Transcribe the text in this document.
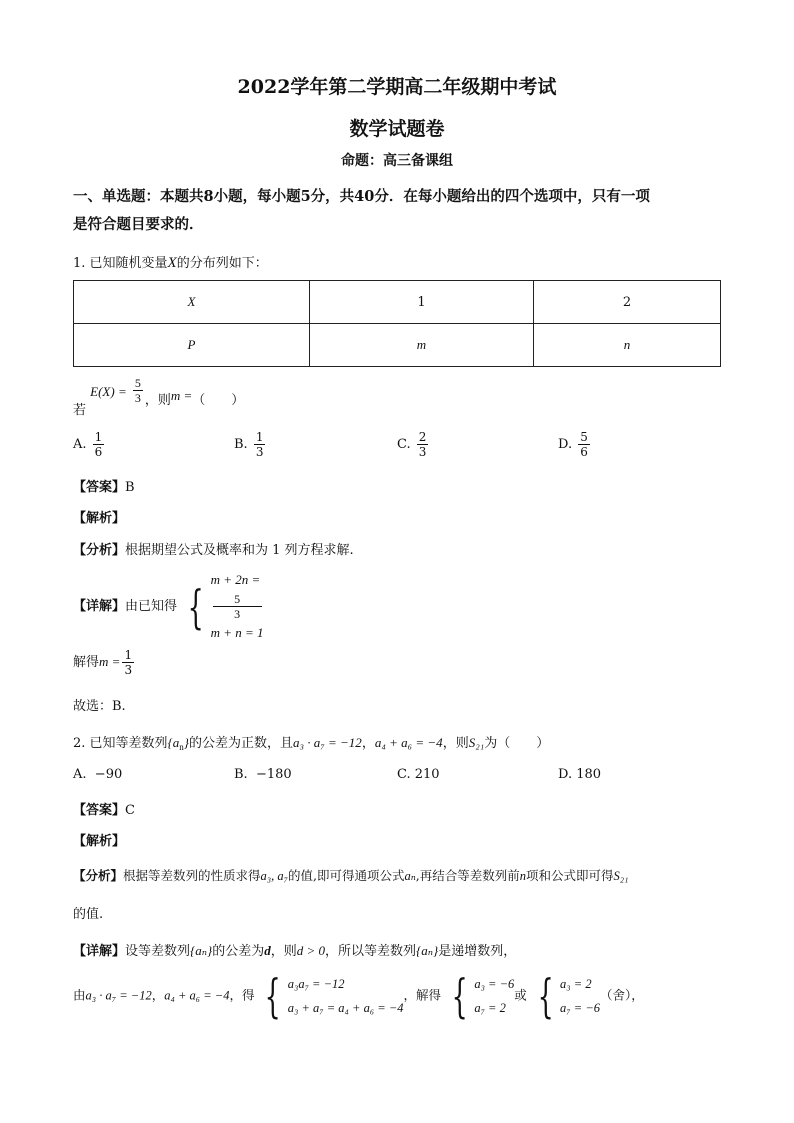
2022学年第二学期高二年级期中考试
数学试题卷
命题：高三备课组
一、单选题：本题共8小题，每小题5分，共40分．在每小题给出的四个选项中，只有一项
是符合题目要求的．
1. 已知随机变量X的分布列如下：
X	1	2
P	m	n
若 $E(X) = \frac{5}{3}$ ，则m =（　　）
A. $\frac{1}{6}$	B. $\frac{1}{3}$	C. $\frac{2}{3}$	D. $\frac{5}{6}$
【答案】B
【解析】
【分析】根据期望公式及概率和为 1 列方程求解.
【详解】由已知得 { m + 2n =
5
3
m + n = 1
解得$m = \frac{1}{3}$
故选：B.
2. 已知等差数列$\{a_n\}$的公差为正数，且a₃ · a₇ = −12，a₄ + a₆ = −4，则S₂₁为（　　）
A. −90	B. −180	C. 210	D. 180
【答案】C
【解析】
【分析】根据等差数列的性质求得a₃, a₇的值,即可得通项公式aₙ,再结合等差数列前n项和公式即可得S₂₁
的值.
【详解】设等差数列{aₙ}的公差为d，则d > 0，所以等差数列{aₙ}是递增数列，
由a₃ · a₇ = −12，a₄ + a₆ = −4，得 { a₃a₇ = −12
a₃ + a₇ = a₄ + a₆ = −4
，解得 { a₃ = −6
a₇ = 2
或 { a₃ = 2
a₇ = −6
（舍），
